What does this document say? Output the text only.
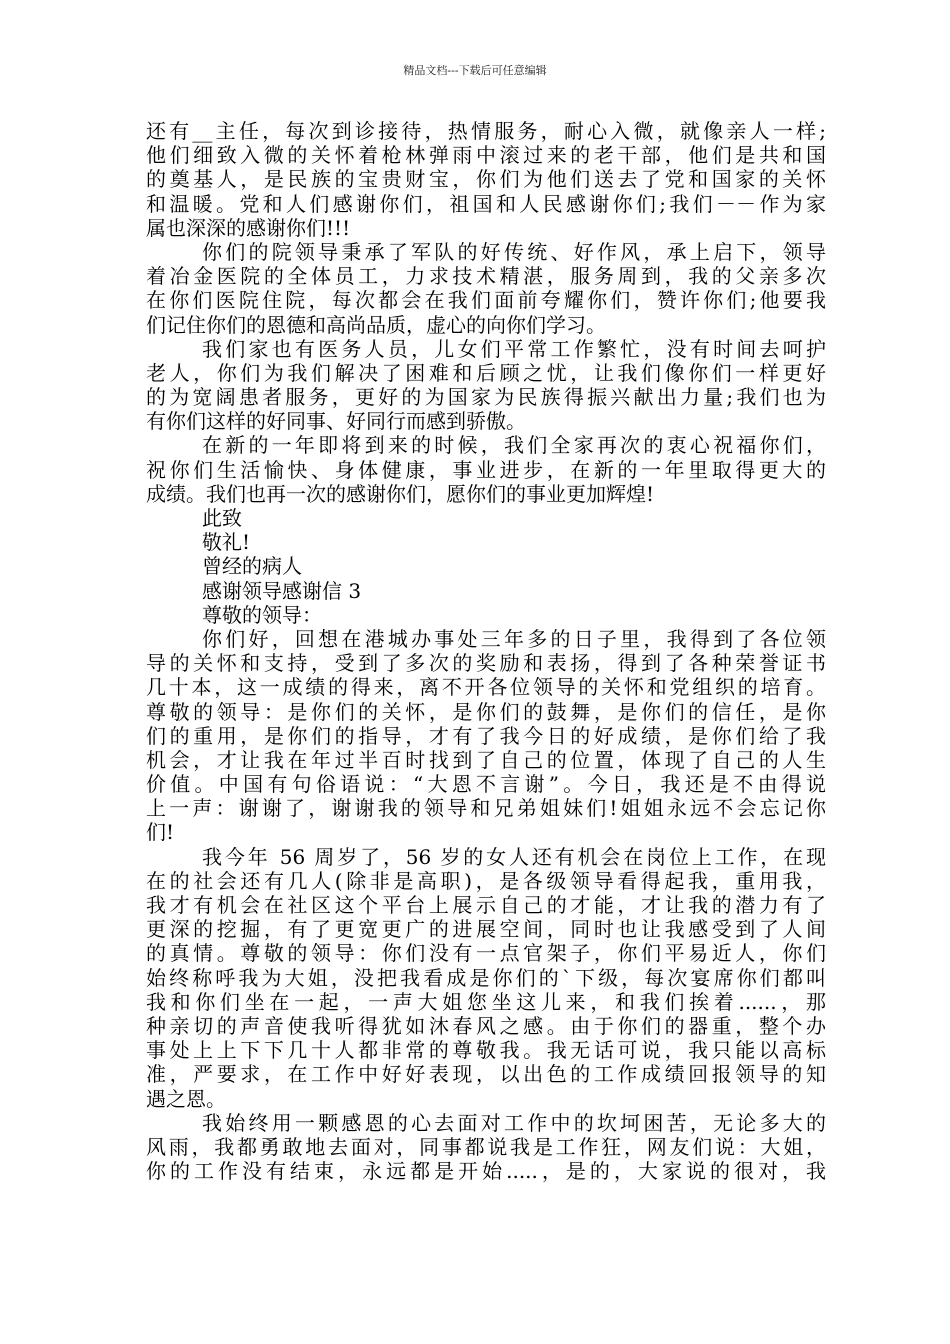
精品文档---下载后可任意编辑
还有__主任，每次到诊接待，热情服务，耐心入微，就像亲人一样;
他们细致入微的关怀着枪林弹雨中滚过来的老干部，他们是共和国
的奠基人，是民族的宝贵财宝，你们为他们送去了党和国家的关怀
和温暖。党和人们感谢你们，祖国和人民感谢你们;我们－－作为家
属也深深的感谢你们!!!
你们的院领导秉承了军队的好传统、好作风，承上启下，领导
着冶金医院的全体员工，力求技术精湛，服务周到，我的父亲多次
在你们医院住院，每次都会在我们面前夸耀你们，赞许你们;他要我
们记住你们的恩德和高尚品质，虚心的向你们学习。
我们家也有医务人员，儿女们平常工作繁忙，没有时间去呵护
老人，你们为我们解决了困难和后顾之忧，让我们像你们一样更好
的为宽阔患者服务，更好的为国家为民族得振兴献出力量;我们也为
有你们这样的好同事、好同行而感到骄傲。
在新的一年即将到来的时候，我们全家再次的衷心祝福你们，
祝你们生活愉快、身体健康，事业进步，在新的一年里取得更大的
成绩。我们也再一次的感谢你们，愿你们的事业更加辉煌!
此致
敬礼!
曾经的病人
感谢领导感谢信 3
尊敬的领导：
你们好，回想在港城办事处三年多的日子里，我得到了各位领
导的关怀和支持，受到了多次的奖励和表扬，得到了各种荣誉证书
几十本，这一成绩的得来，离不开各位领导的关怀和党组织的培育。
尊敬的领导：是你们的关怀，是你们的鼓舞，是你们的信任，是你
们的重用，是你们的指导，才有了我今日的好成绩，是你们给了我
机会，才让我在年过半百时找到了自己的位置，体现了自己的人生
价值。中国有句俗语说：“大恩不言谢”。今日，我还是不由得说
上一声：谢谢了，谢谢我的领导和兄弟姐妹们!姐姐永远不会忘记你
们!
我今年 56 周岁了，56 岁的女人还有机会在岗位上工作，在现
在的社会还有几人(除非是高职)，是各级领导看得起我，重用我，
我才有机会在社区这个平台上展示自己的才能，才让我的潜力有了
更深的挖掘，有了更宽更广的进展空间，同时也让我感受到了人间
的真情。尊敬的领导：你们没有一点官架子，你们平易近人，你们
始终称呼我为大姐，没把我看成是你们的`下级，每次宴席你们都叫
我和你们坐在一起，一声大姐您坐这儿来，和我们挨着......，那
种亲切的声音使我听得犹如沐春风之感。由于你们的器重，整个办
事处上上下下几十人都非常的尊敬我。我无话可说，我只能以高标
准，严要求，在工作中好好表现，以出色的工作成绩回报领导的知
遇之恩。
我始终用一颗感恩的心去面对工作中的坎坷困苦，无论多大的
风雨，我都勇敢地去面对，同事都说我是工作狂，网友们说：大姐，
你的工作没有结束，永远都是开始.....，是的，大家说的很对，我
